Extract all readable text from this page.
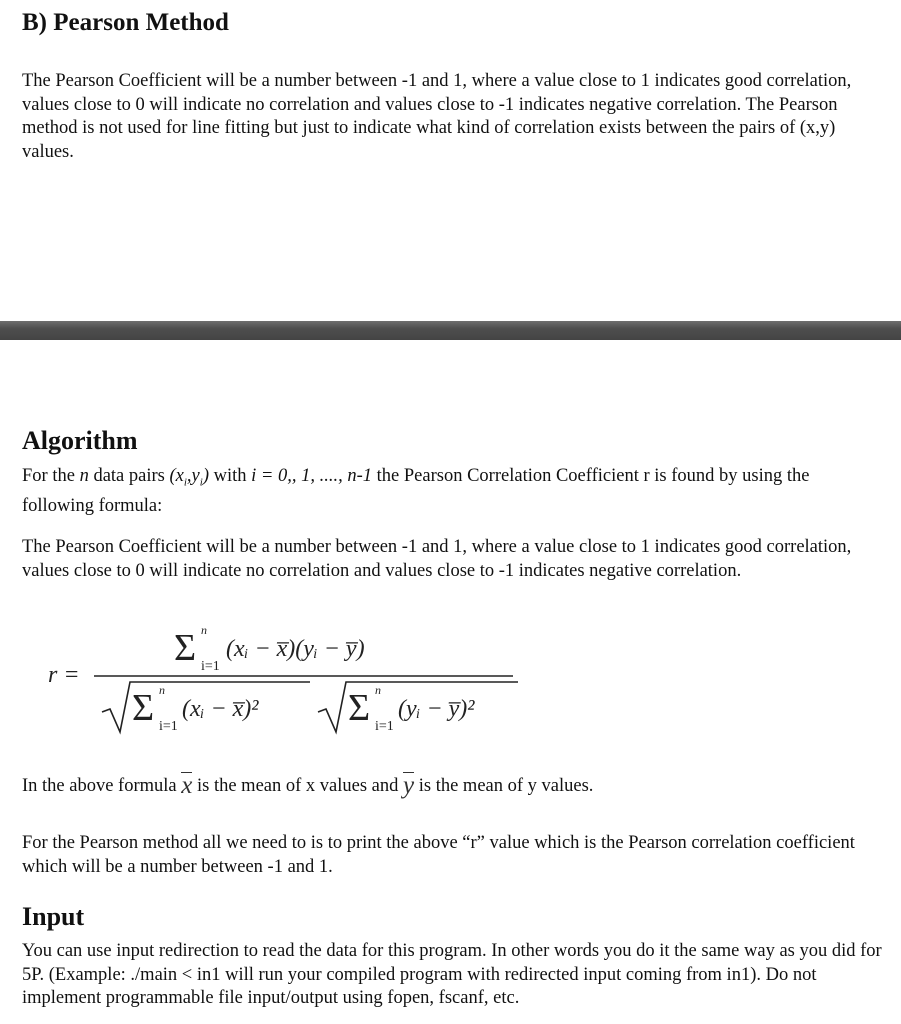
B) Pearson Method

The Pearson Coefficient will be a number between -1 and 1, where a value close to 1 indicates good correlation, values close to 0 will indicate no correlation and values close to -1 indicates negative correlation. The Pearson method is not used for line fitting but just to indicate what kind of correlation exists between the pairs of (x,y) values.

Algorithm

For the n data pairs $(x_i,y_i)$ with i = 0,, 1, ...., n-1 the Pearson Correlation Coefficient r is found by using the following formula:

The Pearson Coefficient will be a number between -1 and 1, where a value close to 1 indicates good correlation, values close to 0 will indicate no correlation and values close to -1 indicates negative correlation.

r =
Σ n
i=1
(xᵢ − x̅)(yᵢ − y̅)
Σ n
i=1
(xᵢ − x̅)² Σ n
i=1
(yᵢ − y̅)²

In the above formula
x is the mean of x values and
y is the mean of y values.

For the Pearson method all we need to is to print the above “r” value which is the Pearson correlation coefficient which will be a number between -1 and 1.

Input

You can use input redirection to read the data for this program. In other words you do it the same way as you did for 5P. (Example: ./main < in1 will run your compiled program with redirected input coming from in1). Do not implement programmable file input/output using fopen, fscanf, etc.
